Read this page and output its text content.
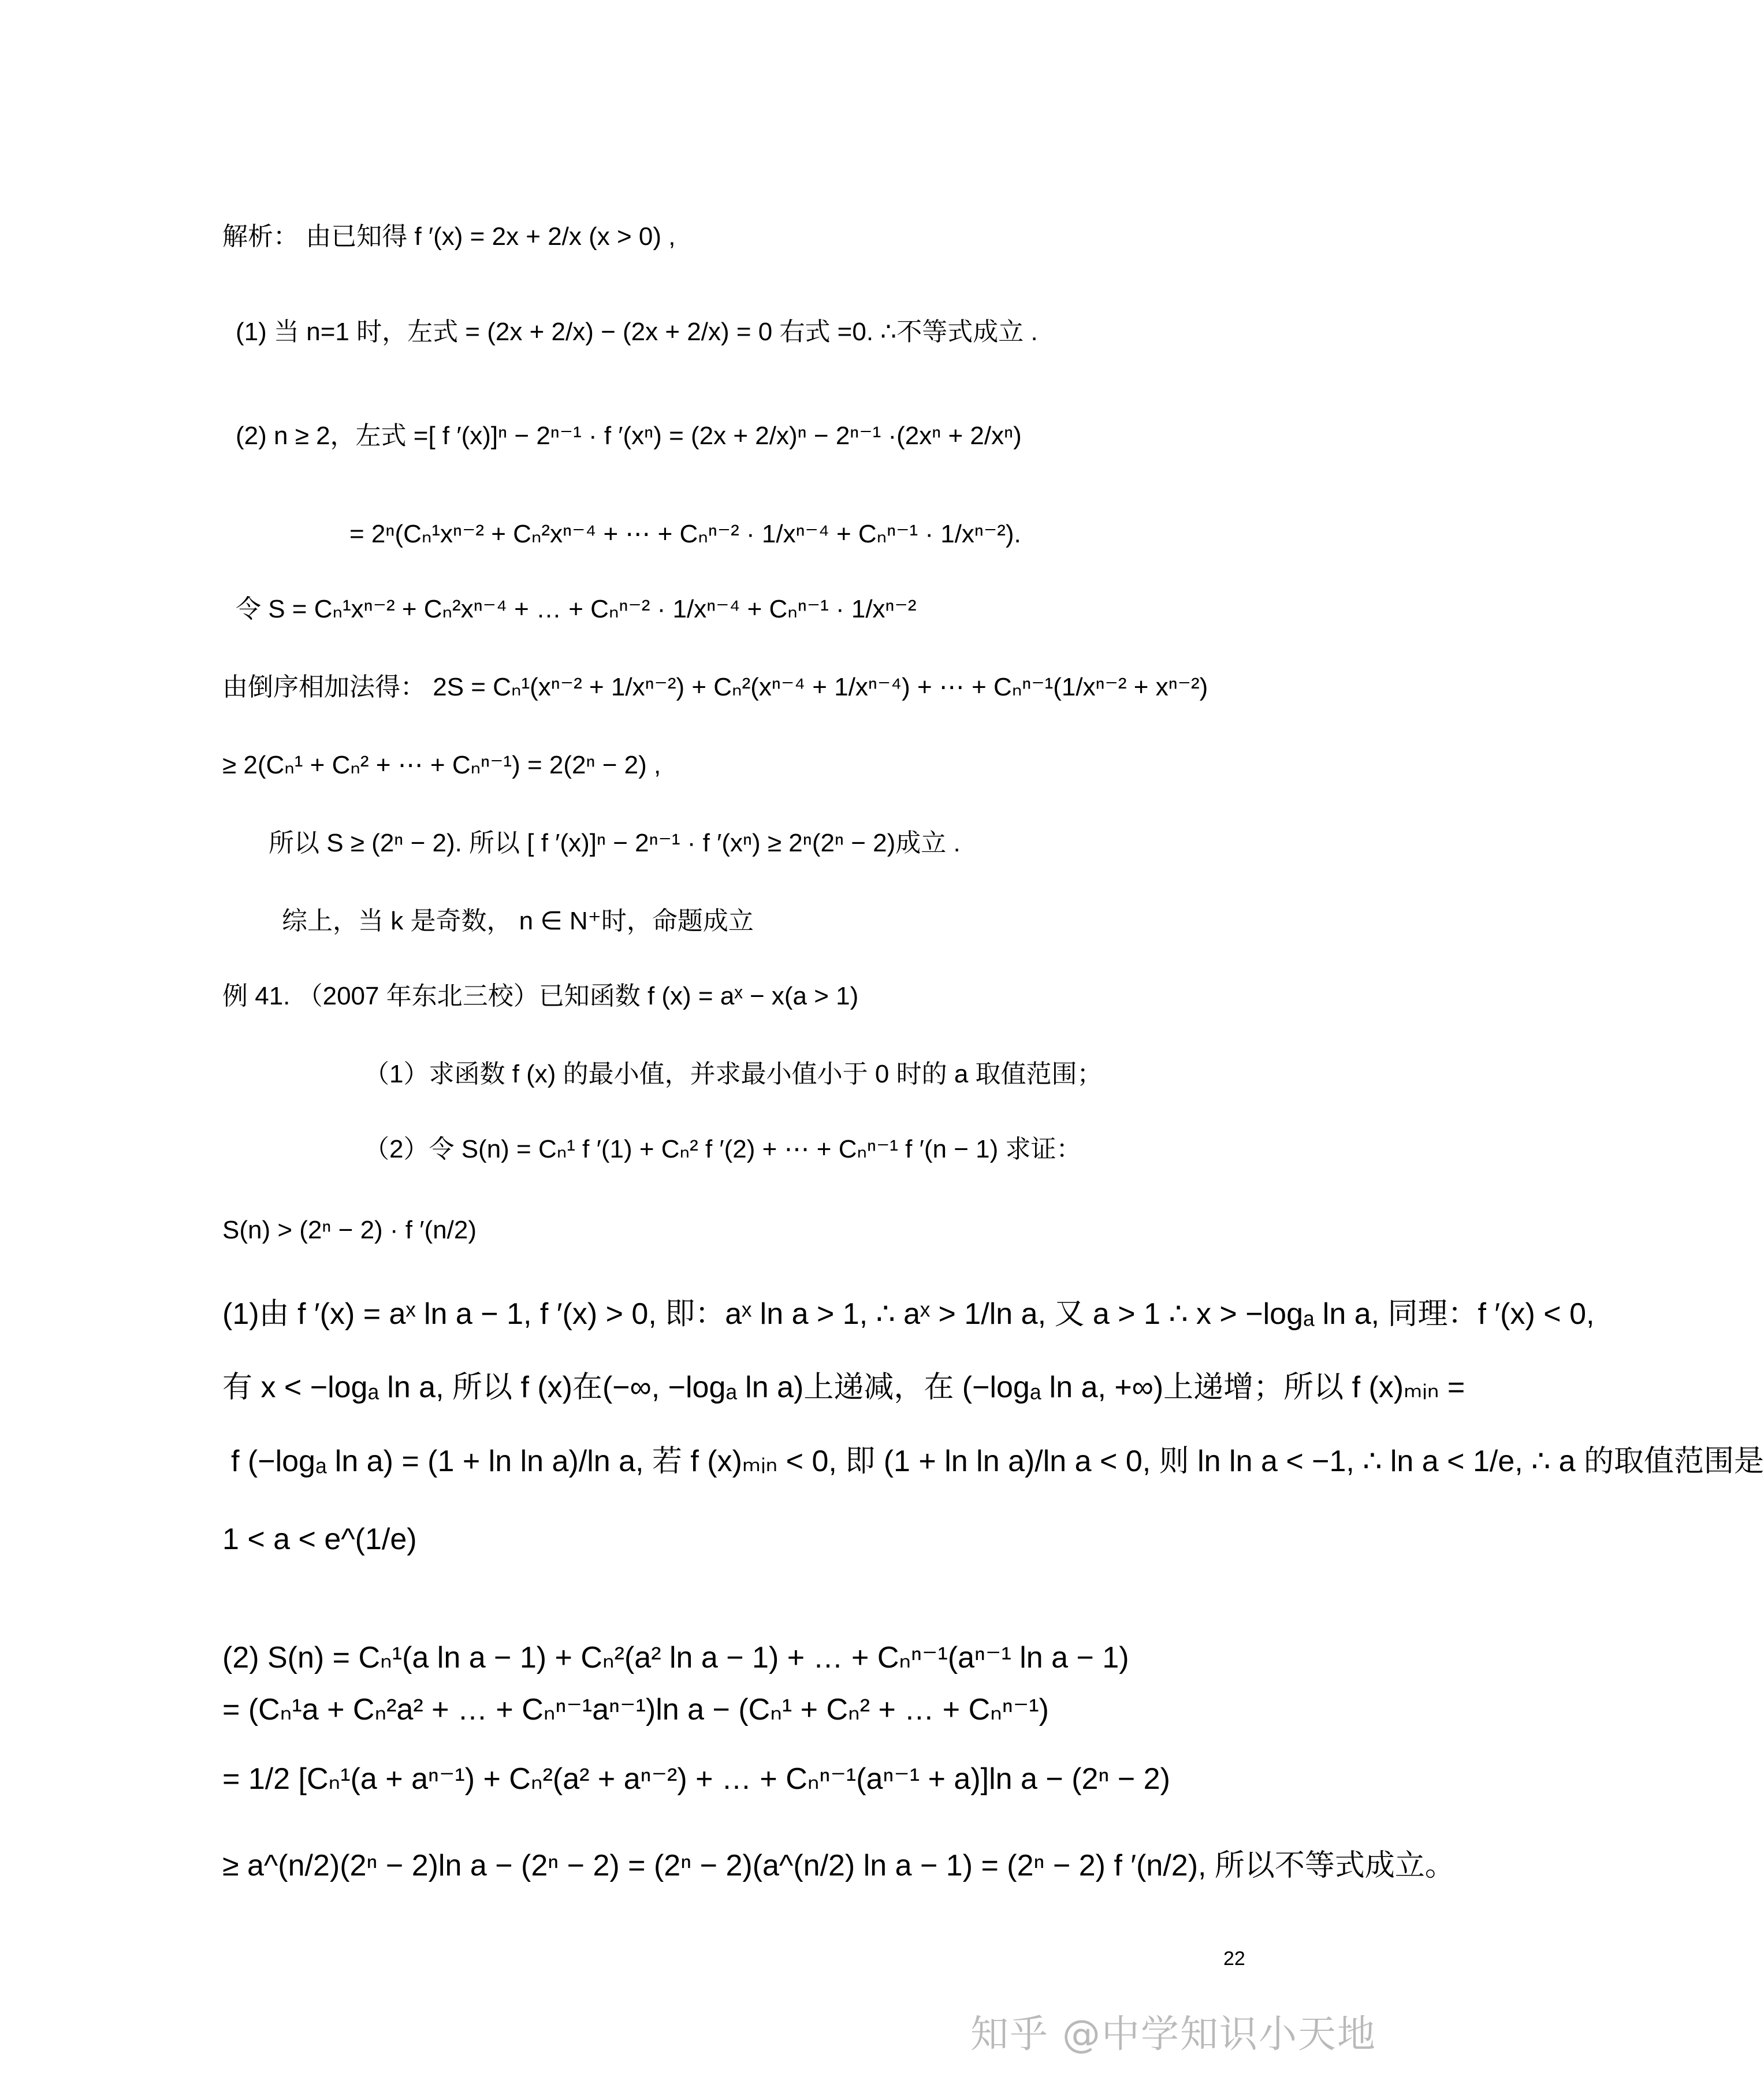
解析： 由已知得 f ′(x) = 2x + 2/x (x > 0) ,
(1) 当 n=1 时，左式 = (2x + 2/x) − (2x + 2/x) = 0 右式 =0. ∴不等式成立 .
(2) n ≥ 2，左式 =[ f ′(x)]ⁿ − 2ⁿ⁻¹ · f ′(xⁿ) = (2x + 2/x)ⁿ − 2ⁿ⁻¹ ·(2xⁿ + 2/xⁿ)
= 2ⁿ(Cₙ¹xⁿ⁻² + Cₙ²xⁿ⁻⁴ + ⋯ + Cₙⁿ⁻² · 1/xⁿ⁻⁴ + Cₙⁿ⁻¹ · 1/xⁿ⁻²).
令 S = Cₙ¹xⁿ⁻² + Cₙ²xⁿ⁻⁴ + … + Cₙⁿ⁻² · 1/xⁿ⁻⁴ + Cₙⁿ⁻¹ · 1/xⁿ⁻²
由倒序相加法得： 2S = Cₙ¹(xⁿ⁻² + 1/xⁿ⁻²) + Cₙ²(xⁿ⁻⁴ + 1/xⁿ⁻⁴) + ⋯ + Cₙⁿ⁻¹(1/xⁿ⁻² + xⁿ⁻²)
≥ 2(Cₙ¹ + Cₙ² + ⋯ + Cₙⁿ⁻¹) = 2(2ⁿ − 2) ,
所以 S ≥ (2ⁿ − 2). 所以 [ f ′(x)]ⁿ − 2ⁿ⁻¹ · f ′(xⁿ) ≥ 2ⁿ(2ⁿ − 2)成立 .
综上，当 k 是奇数， n ∈ N⁺时，命题成立
例 41. （2007 年东北三校）已知函数 f (x) = aˣ − x(a > 1)
（1）求函数 f (x) 的最小值，并求最小值小于 0 时的 a 取值范围；
（2）令 S(n) = Cₙ¹ f ′(1) + Cₙ² f ′(2) + ⋯ + Cₙⁿ⁻¹ f ′(n − 1) 求证：
S(n) > (2ⁿ − 2) · f ′(n/2)
(1)由 f ′(x) = aˣ ln a − 1, f ′(x) > 0, 即：aˣ ln a > 1, ∴ aˣ > 1/ln a, 又 a > 1 ∴ x > −logₐ ln a, 同理：f ′(x) < 0,
有 x < −logₐ ln a, 所以 f (x)在(−∞, −logₐ ln a)上递减，在 (−logₐ ln a, +∞)上递增；所以 f (x)ₘᵢₙ =
f (−logₐ ln a) = (1 + ln ln a)/ln a, 若 f (x)ₘᵢₙ < 0, 即 (1 + ln ln a)/ln a < 0, 则 ln ln a < −1, ∴ ln a < 1/e, ∴ a 的取值范围是
1 < a < e^(1/e)
(2) S(n) = Cₙ¹(a ln a − 1) + Cₙ²(a² ln a − 1) + … + Cₙⁿ⁻¹(aⁿ⁻¹ ln a − 1)
= (Cₙ¹a + Cₙ²a² + … + Cₙⁿ⁻¹aⁿ⁻¹)ln a − (Cₙ¹ + Cₙ² + … + Cₙⁿ⁻¹)
= 1/2 [Cₙ¹(a + aⁿ⁻¹) + Cₙ²(a² + aⁿ⁻²) + … + Cₙⁿ⁻¹(aⁿ⁻¹ + a)]ln a − (2ⁿ − 2)
≥ a^(n/2)(2ⁿ − 2)ln a − (2ⁿ − 2) = (2ⁿ − 2)(a^(n/2) ln a − 1) = (2ⁿ − 2) f ′(n/2), 所以不等式成立。
22
知乎 @中学知识小天地
